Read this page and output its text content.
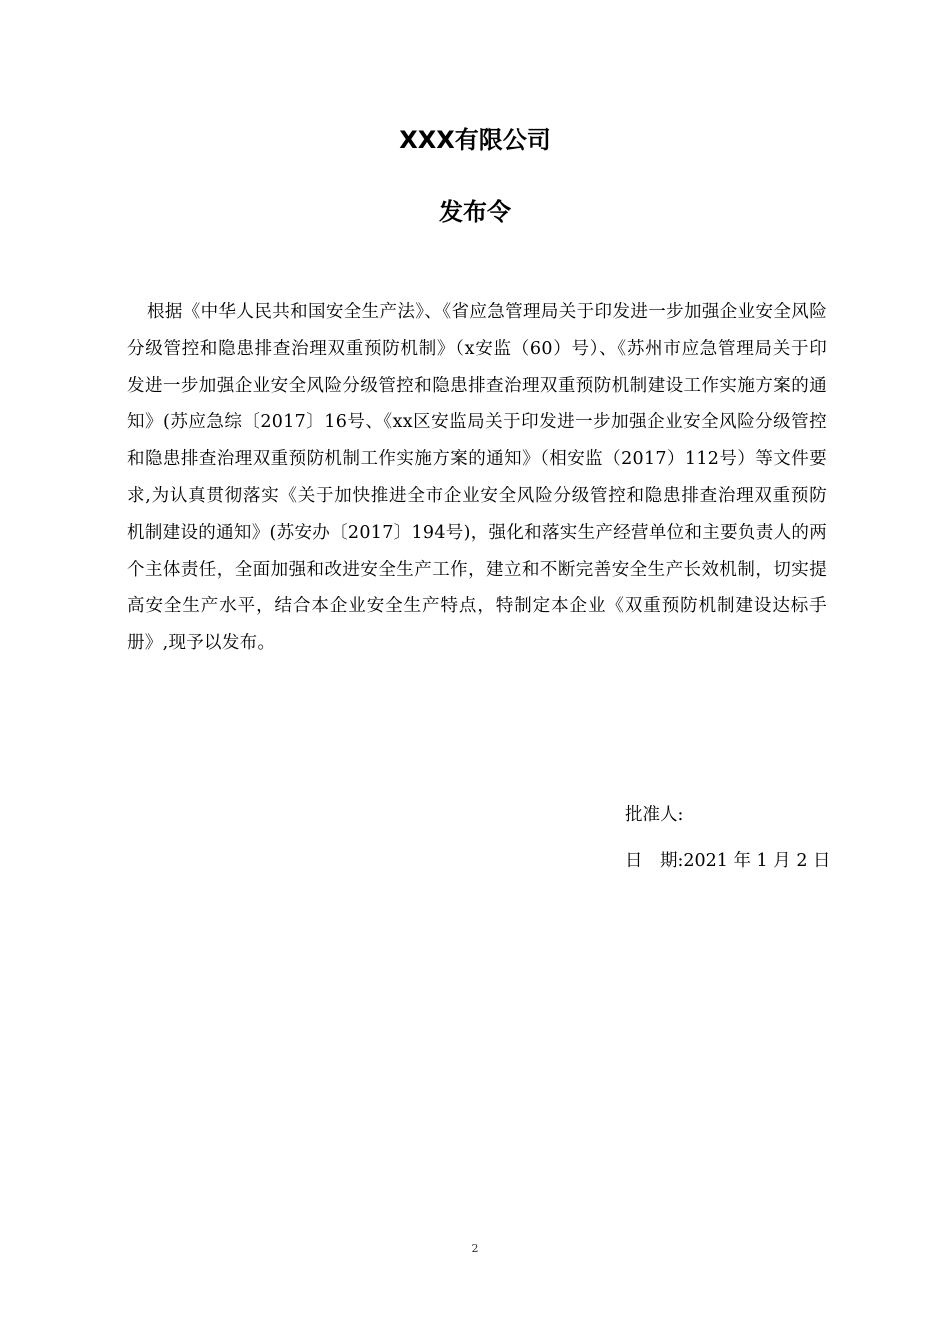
XXX有限公司
发布令

根据《中华人民共和国安全生产法》、《省应急管理局关于印发进一步加强企业安全风险分级管控和隐患排查治理双重预防机制》（x安监（60）号）、《苏州市应急管理局关于印发进一步加强企业安全风险分级管控和隐患排查治理双重预防机制建设工作实施方案的通知》(苏应急综〔2017〕16号、《xx区安监局关于印发进一步加强企业安全风险分级管控和隐患排查治理双重预防机制工作实施方案的通知》（相安监（2017）112号）等文件要求,为认真贯彻落实《关于加快推进全市企业安全风险分级管控和隐患排查治理双重预防机制建设的通知》(苏安办〔2017〕194号)，强化和落实生产经营单位和主要负责人的两个主体责任，全面加强和改进安全生产工作，建立和不断完善安全生产长效机制，切实提高安全生产水平，结合本企业安全生产特点，特制定本企业《双重预防机制建设达标手册》,现予以发布。

批准人:
日　期:2021 年 1 月 2 日
2
